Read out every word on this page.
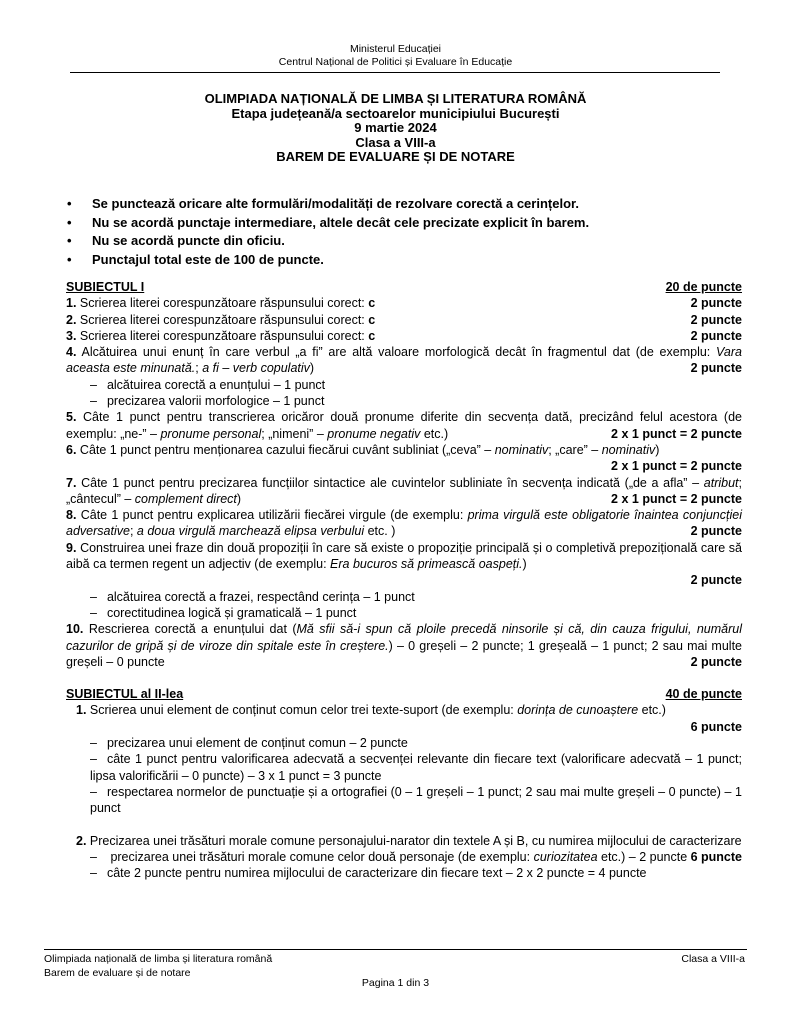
Ministerul Educației
Centrul Național de Politici și Evaluare în Educație
OLIMPIADA NAȚIONALĂ DE LIMBA ȘI LITERATURA ROMÂNĂ
Etapa județeană/a sectoarelor municipiului București
9 martie 2024
Clasa a VIII-a
BAREM DE EVALUARE ȘI DE NOTARE
• Se punctează oricare alte formulări/modalități de rezolvare corectă a cerințelor.
• Nu se acordă punctaje intermediare, altele decât cele precizate explicit în barem.
• Nu se acordă puncte din oficiu.
• Punctajul total este de 100 de puncte.
SUBIECTUL I	20 de puncte
1. Scrierea literei corespunzătoare răspunsului corect: c	2 puncte
2. Scrierea literei corespunzătoare răspunsului corect: c	2 puncte
3. Scrierea literei corespunzătoare răspunsului corect: c	2 puncte
4. Alcătuirea unui enunț în care verbul „a fi” are altă valoare morfologică decât în fragmentul dat (de exemplu: Vara aceasta este minunată.; a fi – verb copulativ)	2 puncte
– alcătuirea corectă a enunțului – 1 punct
– precizarea valorii morfologice – 1 punct
5. Câte 1 punct pentru transcrierea oricăror două pronume diferite din secvența dată, precizând felul acestora (de exemplu: „ne-” – pronume personal; „nimeni” – pronume negativ etc.)	2 x 1 punct = 2 puncte
6. Câte 1 punct pentru menționarea cazului fiecărui cuvânt subliniat („ceva” – nominativ; „care” – nominativ)
2 x 1 punct = 2 puncte
7. Câte 1 punct pentru precizarea funcțiilor sintactice ale cuvintelor subliniate în secvența indicată („de a afla” – atribut; „cântecul” – complement direct)	2 x 1 punct = 2 puncte
8. Câte 1 punct pentru explicarea utilizării fiecărei virgule (de exemplu: prima virgulă este obligatorie înaintea conjuncției adversative; a doua virgulă marchează elipsa verbului etc. )	2 puncte
9. Construirea unei fraze din două propoziții în care să existe o propoziție principală și o completivă prepozițională care să aibă ca termen regent un adjectiv (de exemplu: Era bucuros să primească oaspeți.)
2 puncte
– alcătuirea corectă a frazei, respectând cerința – 1 punct
– corectitudinea logică și gramaticală – 1 punct
10. Rescrierea corectă a enunțului dat (Mă sfii să-i spun că ploile precedă ninsorile și că, din cauza frigului, numărul cazurilor de gripă și de viroze din spitale este în creștere.) – 0 greșeli – 2 puncte; 1 greșeală – 1 punct; 2 sau mai multe greșeli – 0 puncte	2 puncte
SUBIECTUL al II-lea	40 de puncte
1. Scrierea unui element de conținut comun celor trei texte-suport (de exemplu: dorința de cunoaștere etc.)
6 puncte
– precizarea unui element de conținut comun – 2 puncte
– câte 1 punct pentru valorificarea adecvată a secvenței relevante din fiecare text (valorificare adecvată – 1 punct; lipsa valorificării – 0 puncte) – 3 x 1 punct = 3 puncte
– respectarea normelor de punctuație și a ortografiei (0 – 1 greșeli – 1 punct; 2 sau mai multe greșeli – 0 puncte) – 1 punct
2. Precizarea unei trăsături morale comune personajului-narator din textele A și B, cu numirea mijlocului de caracterizare
6 puncte
– precizarea unei trăsături morale comune celor două personaje (de exemplu: curiozitatea etc.) – 2 puncte
– câte 2 puncte pentru numirea mijlocului de caracterizare din fiecare text – 2 x 2 puncte = 4 puncte
Olimpiada națională de limba și literatura română
Barem de evaluare și de notare
Clasa a VIII-a
Pagina 1 din 3
